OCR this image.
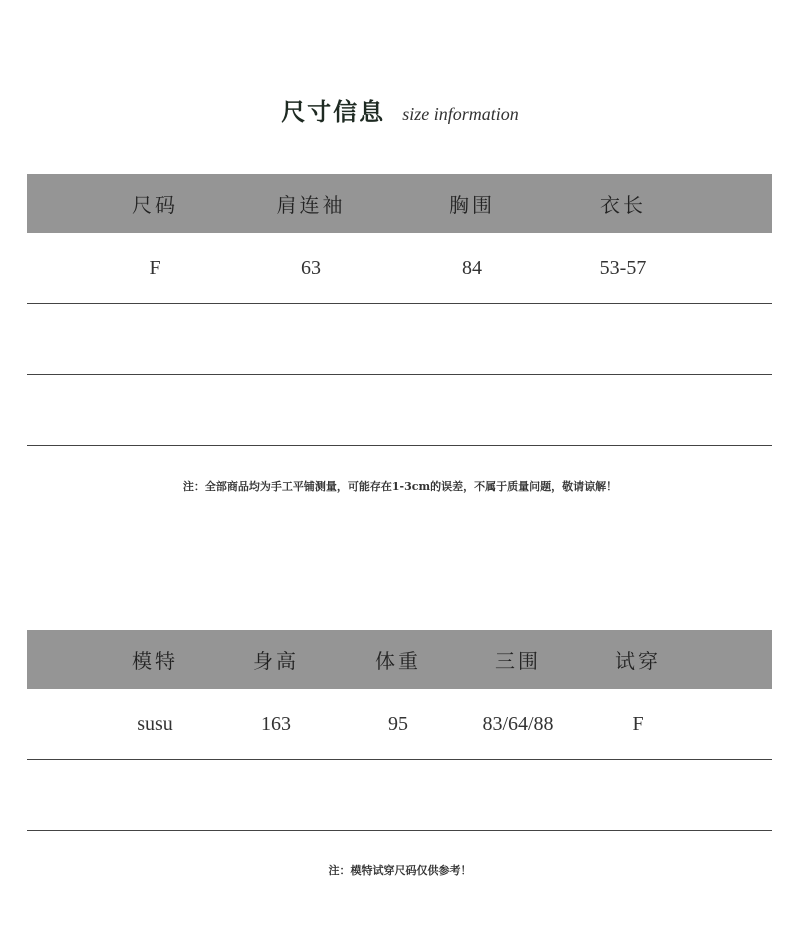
尺寸信息 size information
尺码	肩连袖	胸围	衣长
F	63	84	53-57
注：全部商品均为手工平铺测量，可能存在1-3cm的误差，不属于质量问题，敬请谅解！
模特	身高	体重	三围	试穿
susu	163	95	83/64/88	F
注：模特试穿尺码仅供参考！
